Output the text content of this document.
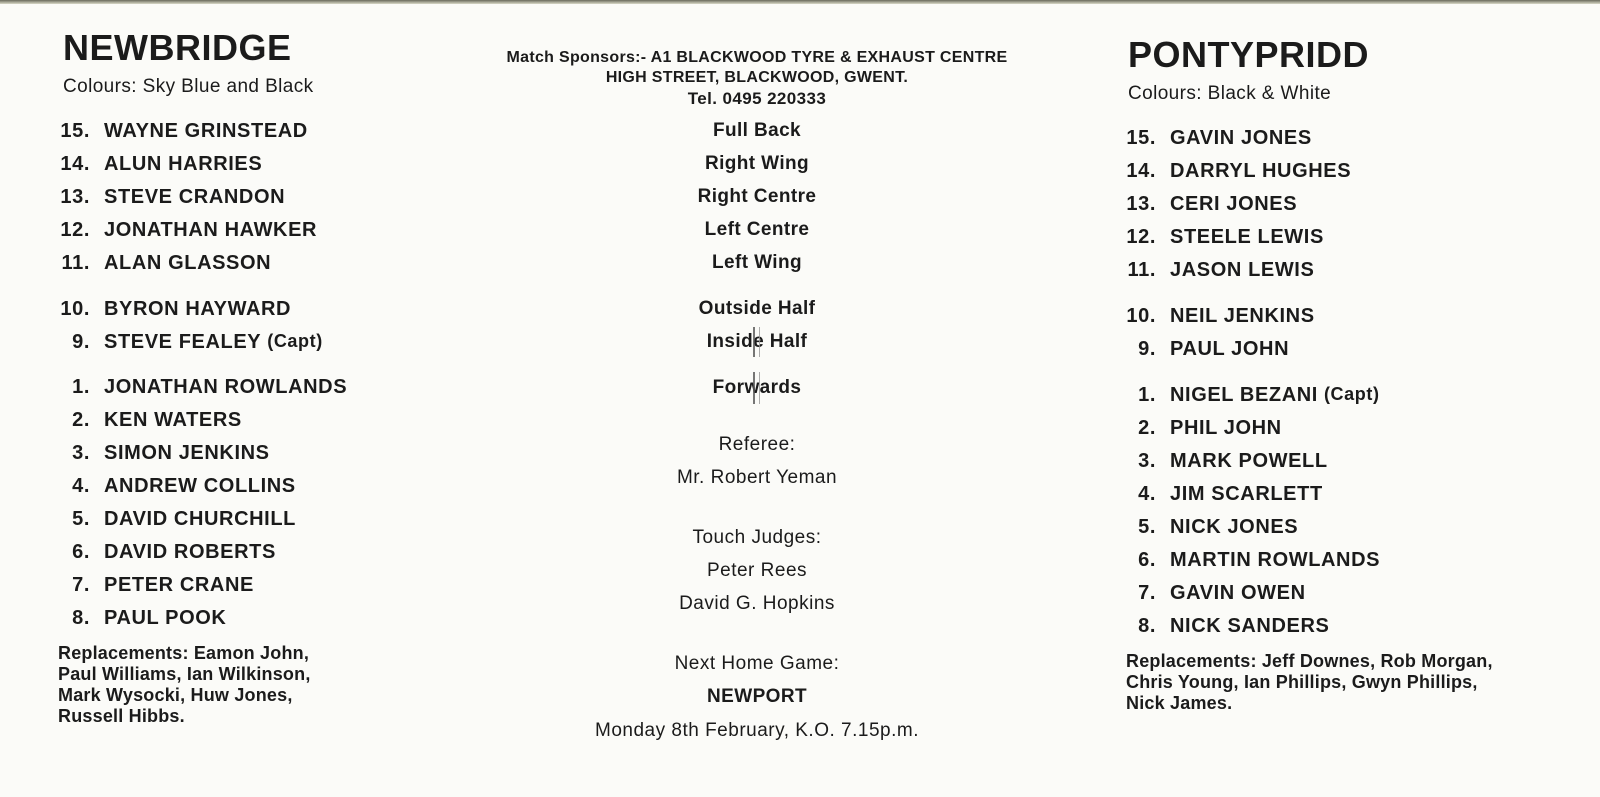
NEWBRIDGE
Colours: Sky Blue and Black
15. WAYNE GRINSTEAD
14. ALUN HARRIES
13. STEVE CRANDON
12. JONATHAN HAWKER
11. ALAN GLASSON
10. BYRON HAYWARD
9. STEVE FEALEY (Capt)
1. JONATHAN ROWLANDS
2. KEN WATERS
3. SIMON JENKINS
4. ANDREW COLLINS
5. DAVID CHURCHILL
6. DAVID ROBERTS
7. PETER CRANE
8. PAUL POOK
Replacements: Eamon John,
Paul Williams, Ian Wilkinson,
Mark Wysocki, Huw Jones,
Russell Hibbs.
Match Sponsors:- A1 BLACKWOOD TYRE & EXHAUST CENTRE
HIGH STREET, BLACKWOOD, GWENT.
Tel. 0495 220333
Full Back
Right Wing
Right Centre
Left Centre
Left Wing
Outside Half
Inside Half
Forwards
Referee:
Mr. Robert Yeman
Touch Judges:
Peter Rees
David G. Hopkins
Next Home Game:
NEWPORT
Monday 8th February, K.O. 7.15p.m.
PONTYPRIDD
Colours: Black & White
15. GAVIN JONES
14. DARRYL HUGHES
13. CERI JONES
12. STEELE LEWIS
11. JASON LEWIS
10. NEIL JENKINS
9. PAUL JOHN
1. NIGEL BEZANI (Capt)
2. PHIL JOHN
3. MARK POWELL
4. JIM SCARLETT
5. NICK JONES
6. MARTIN ROWLANDS
7. GAVIN OWEN
8. NICK SANDERS
Replacements: Jeff Downes, Rob Morgan,
Chris Young, Ian Phillips, Gwyn Phillips,
Nick James.
